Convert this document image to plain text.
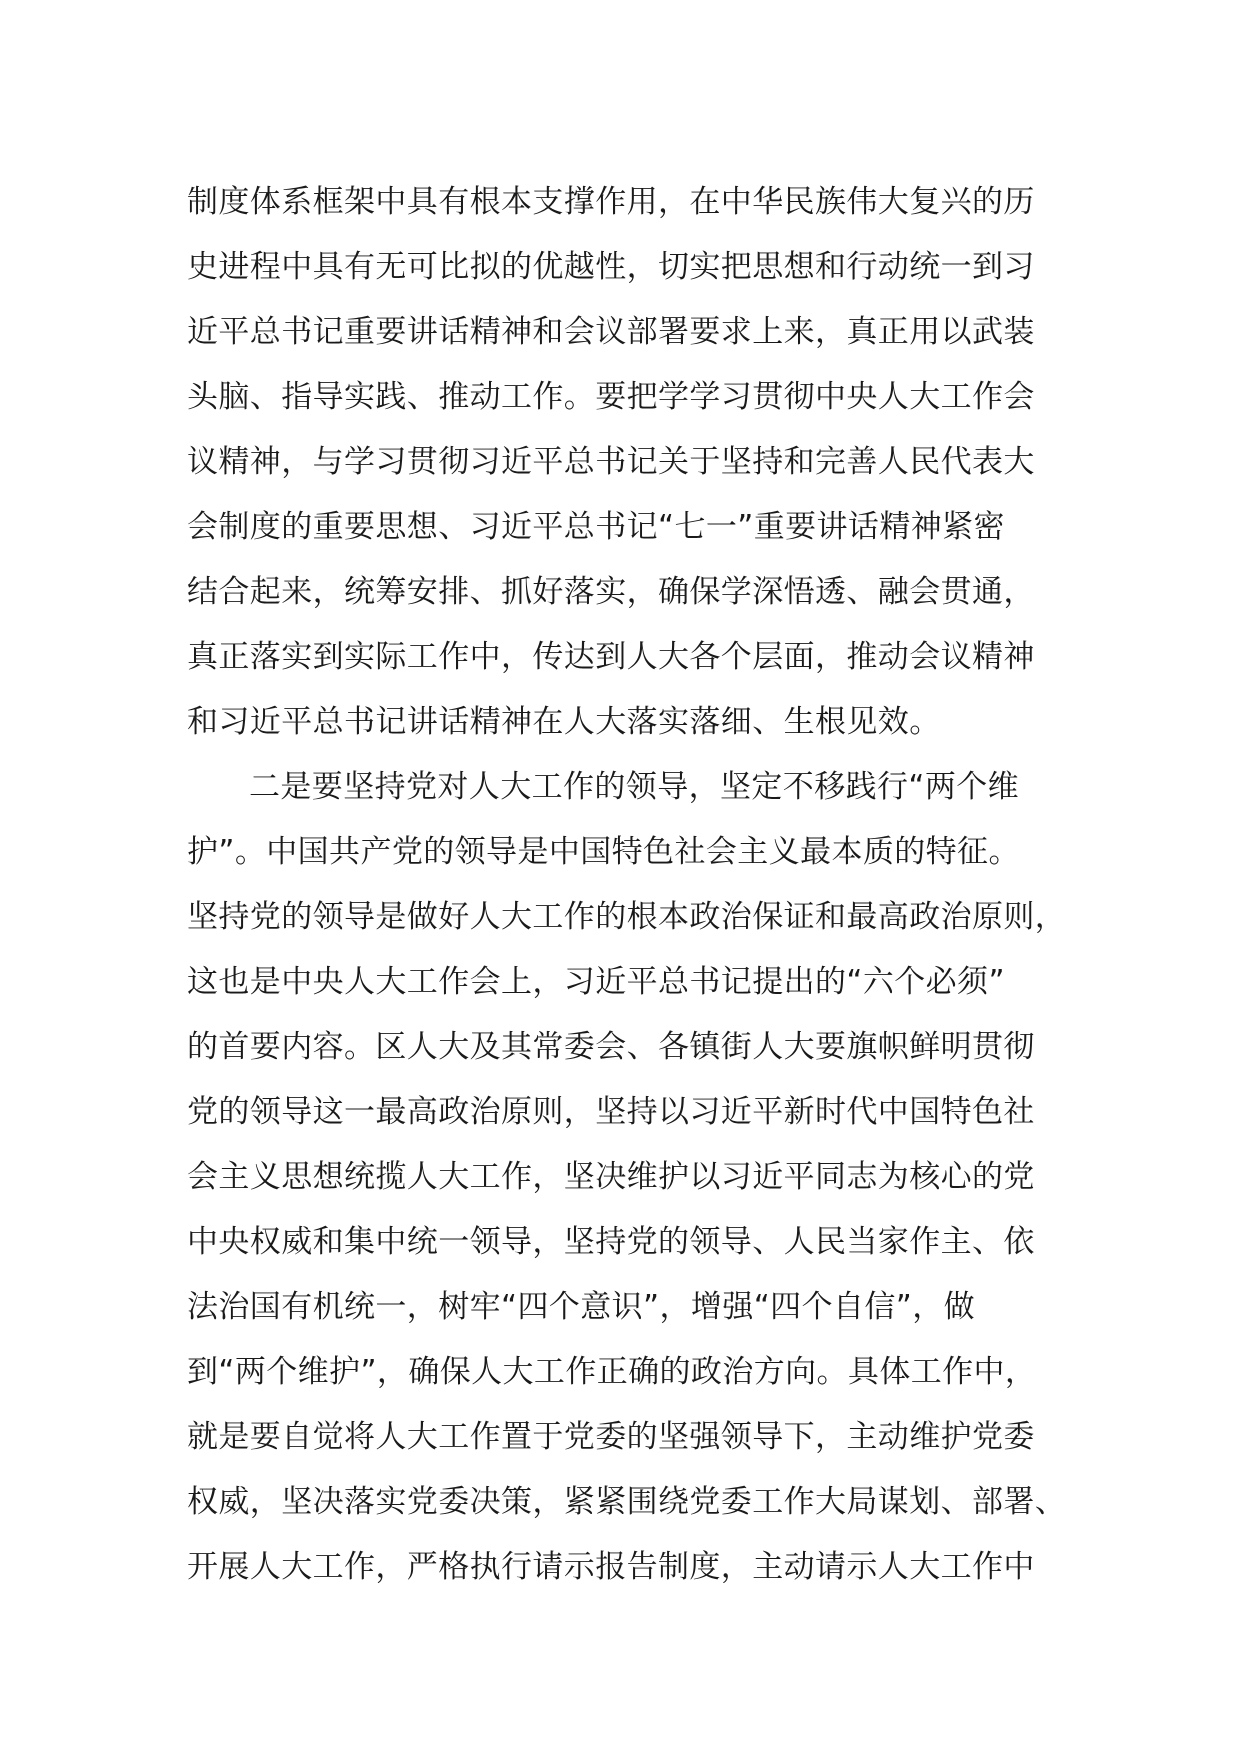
制度体系框架中具有根本支撑作用，在中华民族伟大复兴的历
史进程中具有无可比拟的优越性，切实把思想和行动统一到习
近平总书记重要讲话精神和会议部署要求上来，真正用以武装
头脑、指导实践、推动工作。要把学学习贯彻中央人大工作会
议精神，与学习贯彻习近平总书记关于坚持和完善人民代表大
会制度的重要思想、习近平总书记“七一”重要讲话精神紧密
结合起来，统筹安排、抓好落实，确保学深悟透、融会贯通，
真正落实到实际工作中，传达到人大各个层面，推动会议精神
和习近平总书记讲话精神在人大落实落细、生根见效。
二是要坚持党对人大工作的领导，坚定不移践行“两个维
护”。中国共产党的领导是中国特色社会主义最本质的特征。
坚持党的领导是做好人大工作的根本政治保证和最高政治原则，
这也是中央人大工作会上，习近平总书记提出的“六个必须”
的首要内容。区人大及其常委会、各镇街人大要旗帜鲜明贯彻
党的领导这一最高政治原则，坚持以习近平新时代中国特色社
会主义思想统揽人大工作，坚决维护以习近平同志为核心的党
中央权威和集中统一领导，坚持党的领导、人民当家作主、依
法治国有机统一，树牢“四个意识”，增强“四个自信”，做
到“两个维护”，确保人大工作正确的政治方向。具体工作中，
就是要自觉将人大工作置于党委的坚强领导下，主动维护党委
权威，坚决落实党委决策，紧紧围绕党委工作大局谋划、部署、
开展人大工作，严格执行请示报告制度，主动请示人大工作中
